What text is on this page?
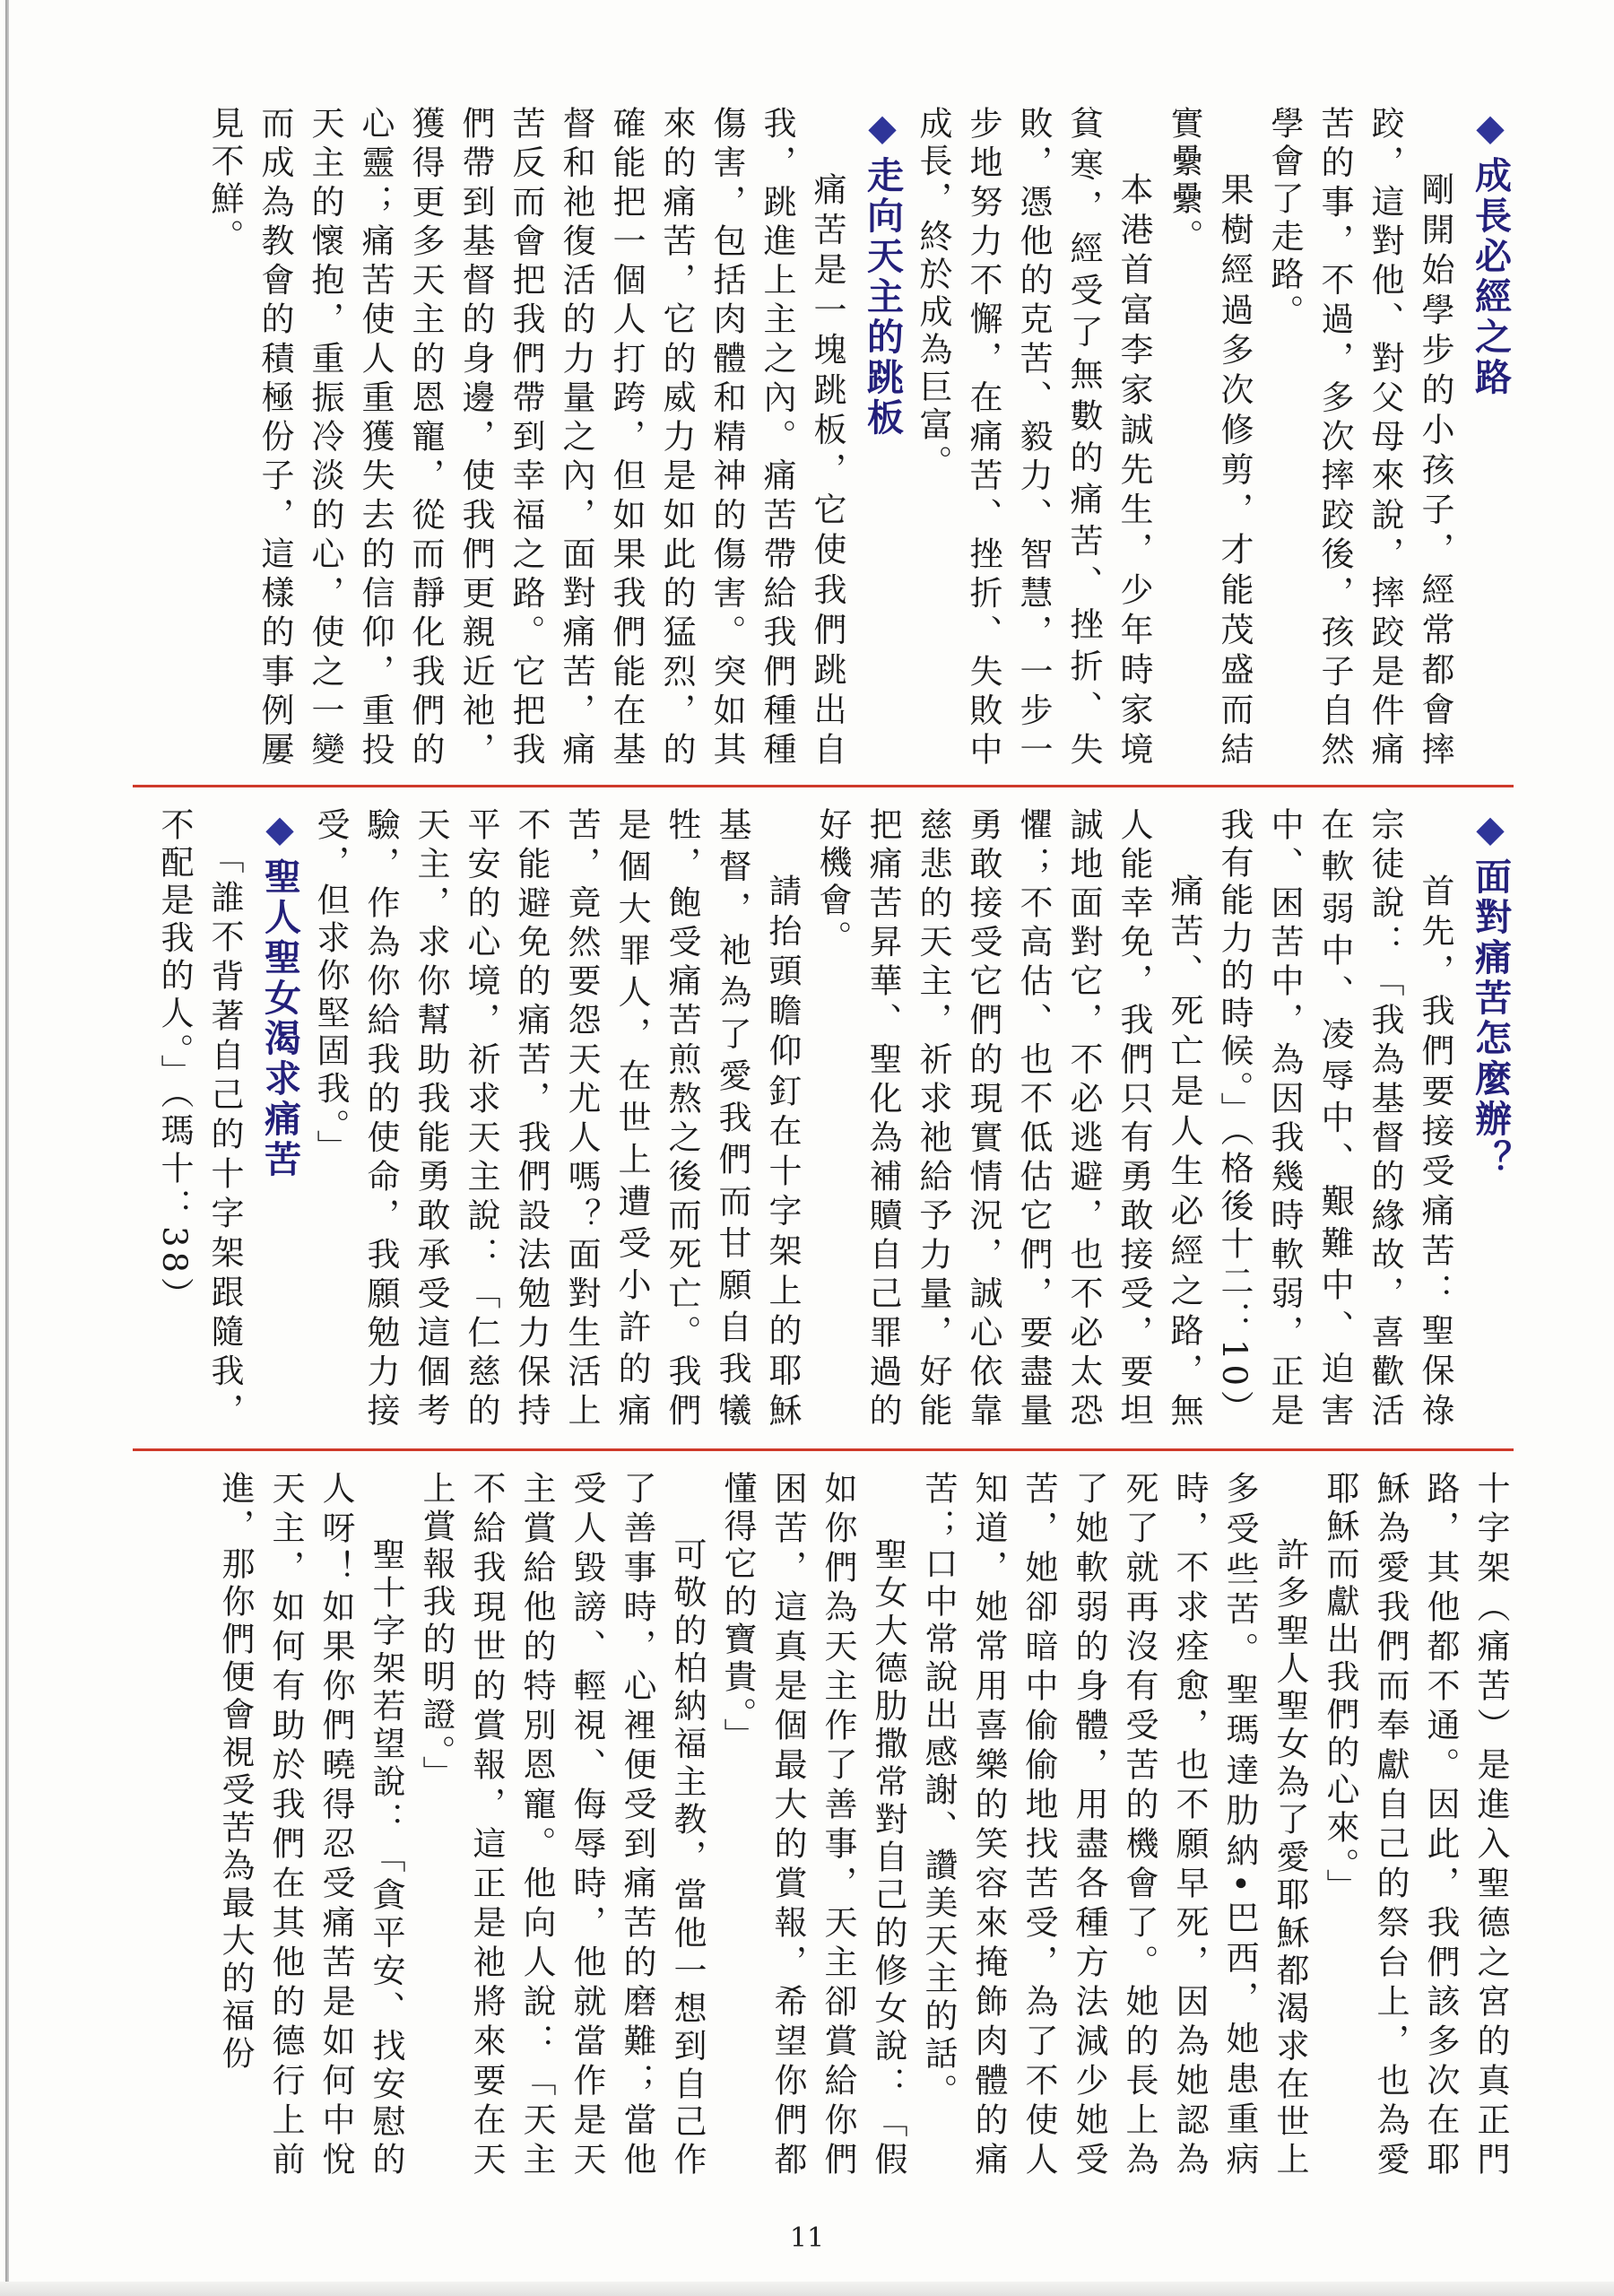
◆成長必經之路

剛開始學步的小孩子，經常都會摔跤，這對他、對父母來說，摔跤是件痛苦的事，不過，多次摔跤後，孩子自然學會了走路。

果樹經過多次修剪，才能茂盛而結實纍纍。

本港首富李家誠先生，少年時家境貧寒，經受了無數的痛苦、挫折、失敗，憑他的克苦、毅力、智慧，一步一步地努力不懈，在痛苦、挫折、失敗中成長，終於成為巨富。

◆走向天主的跳板

痛苦是一塊跳板，它使我們跳出自我，跳進上主之內。痛苦帶給我們種種傷害，包括肉體和精神的傷害。突如其來的痛苦，它的威力是如此的猛烈，的確能把一個人打跨，但如果我們能在基督和祂復活的力量之內，面對痛苦，痛苦反而會把我們帶到幸福之路。它把我們帶到基督的身邊，使我們更親近祂，獲得更多天主的恩寵，從而靜化我們的心靈；痛苦使人重獲失去的信仰，重投天主的懷抱，重振冷淡的心，使之一變而成為教會的積極份子，這樣的事例屢見不鮮。

◆面對痛苦怎麼辦？

首先，我們要接受痛苦：聖保祿宗徒說：「我為基督的緣故，喜歡活在軟弱中、凌辱中、艱難中、迫害中、困苦中，為因我幾時軟弱，正是我有能力的時候。」（格後十二：10）

痛苦、死亡是人生必經之路，無人能幸免，我們只有勇敢接受，要坦誠地面對它，不必逃避，也不必太恐懼；不高估、也不低估它們，要盡量勇敢接受它們的現實情況，誠心依靠慈悲的天主，祈求祂給予力量，好能把痛苦昇華、聖化為補贖自己罪過的好機會。

請抬頭瞻仰釘在十字架上的耶穌基督，祂為了愛我們而甘願自我犧牲，飽受痛苦煎熬之後而死亡。我們是個大罪人，在世上遭受小許的痛苦，竟然要怨天尤人嗎？面對生活上不能避免的痛苦，我們設法勉力保持平安的心境，祈求天主說：「仁慈的天主，求你幫助我能勇敢承受這個考驗，作為你給我的使命，我願勉力接受，但求你堅固我。」

◆聖人聖女渴求痛苦

「誰不背著自己的十字架跟隨我，不配是我的人。」（瑪十：38）

十字架（痛苦）是進入聖德之宮的真正門路，其他都不通。因此，我們該多次在耶穌為愛我們而奉獻自己的祭台上，也為愛耶穌而獻出我們的心來。」

許多聖人聖女為了愛耶穌都渴求在世上多受些苦。聖瑪達肋納•巴西，她患重病時，不求痊愈，也不願早死，因為她認為死了就再沒有受苦的機會了。她的長上為了她軟弱的身體，用盡各種方法減少她受苦，她卻暗中偷偷地找苦受，為了不使人知道，她常用喜樂的笑容來掩飾肉體的痛苦；口中常說出感謝、讚美天主的話。

聖女大德肋撒常對自己的修女說：「假如你們為天主作了善事，天主卻賞給你們困苦，這真是個最大的賞報，希望你們都懂得它的寶貴。」

可敬的柏納福主教，當他一想到自己作了善事時，心裡便受到痛苦的磨難；當他受人毀謗、輕視、侮辱時，他就當作是天主賞給他的特別恩寵。他向人說：「天主不給我現世的賞報，這正是祂將來要在天上賞報我的明證。」

聖十字架若望說：「貪平安、找安慰的人呀！如果你們曉得忍受痛苦是如何中悅天主，如何有助於我們在其他的德行上前進，那你們便會視受苦為最大的福份

11
